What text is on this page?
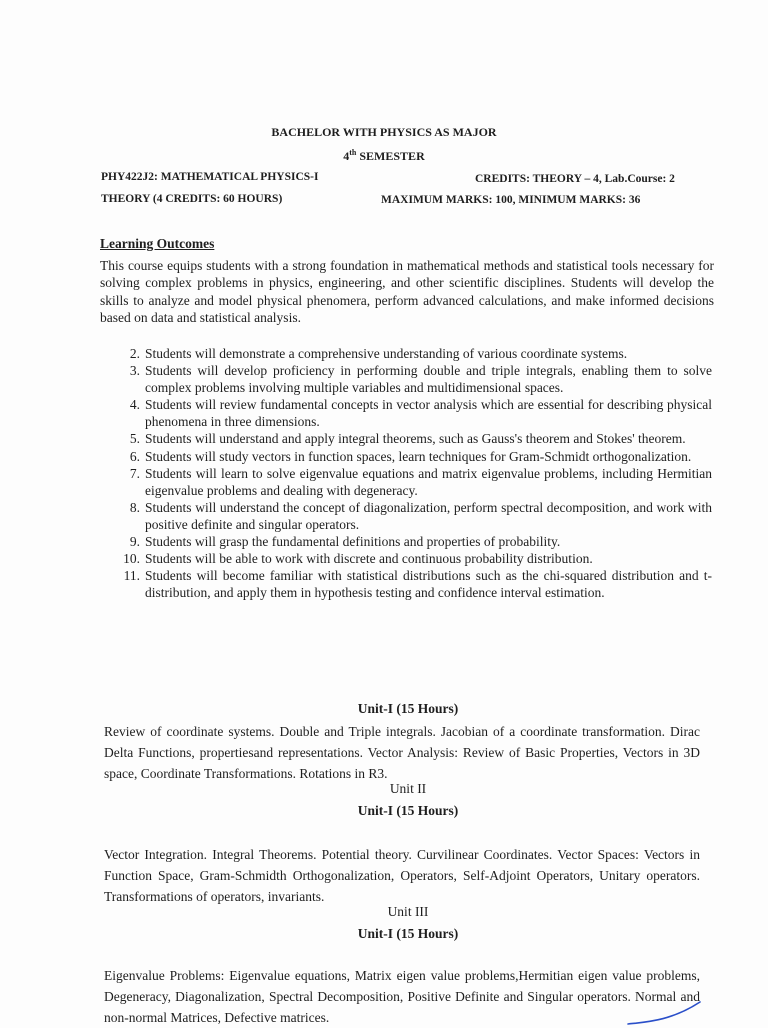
BACHELOR WITH PHYSICS AS MAJOR
4th SEMESTER
PHY422J2: MATHEMATICAL PHYSICS-I	CREDITS: THEORY – 4, Lab.Course: 2
THEORY (4 CREDITS: 60 HOURS)	MAXIMUM MARKS: 100, MINIMUM MARKS: 36
Learning Outcomes
This course equips students with a strong foundation in mathematical methods and statistical tools necessary for solving complex problems in physics, engineering, and other scientific disciplines. Students will develop the skills to analyze and model physical phenomera, perform advanced calculations, and make informed decisions based on data and statistical analysis.
2. Students will demonstrate a comprehensive understanding of various coordinate systems.
3. Students will develop proficiency in performing double and triple integrals, enabling them to solve complex problems involving multiple variables and multidimensional spaces.
4. Students will review fundamental concepts in vector analysis which are essential for describing physical phenomena in three dimensions.
5. Students will understand and apply integral theorems, such as Gauss's theorem and Stokes' theorem.
6. Students will study vectors in function spaces, learn techniques for Gram-Schmidt orthogonalization.
7. Students will learn to solve eigenvalue equations and matrix eigenvalue problems, including Hermitian eigenvalue problems and dealing with degeneracy.
8. Students will understand the concept of diagonalization, perform spectral decomposition, and work with positive definite and singular operators.
9. Students will grasp the fundamental definitions and properties of probability.
10. Students will be able to work with discrete and continuous probability distribution.
11. Students will become familiar with statistical distributions such as the chi-squared distribution and t-distribution, and apply them in hypothesis testing and confidence interval estimation.
Unit-I (15 Hours)
Review of coordinate systems. Double and Triple integrals. Jacobian of a coordinate transformation. Dirac Delta Functions, propertiesand representations. Vector Analysis: Review of Basic Properties, Vectors in 3D space, Coordinate Transformations. Rotations in R3.
Unit II
Unit-I (15 Hours)
Vector Integration. Integral Theorems. Potential theory. Curvilinear Coordinates. Vector Spaces: Vectors in Function Space, Gram-Schmidth Orthogonalization, Operators, Self-Adjoint Operators, Unitary operators. Transformations of operators, invariants.
Unit III
Unit-I (15 Hours)
Eigenvalue Problems: Eigenvalue equations, Matrix eigen value problems,Hermitian eigen value problems, Degeneracy, Diagonalization, Spectral Decomposition, Positive Definite and Singular operators. Normal and non-normal Matrices, Defective matrices.
